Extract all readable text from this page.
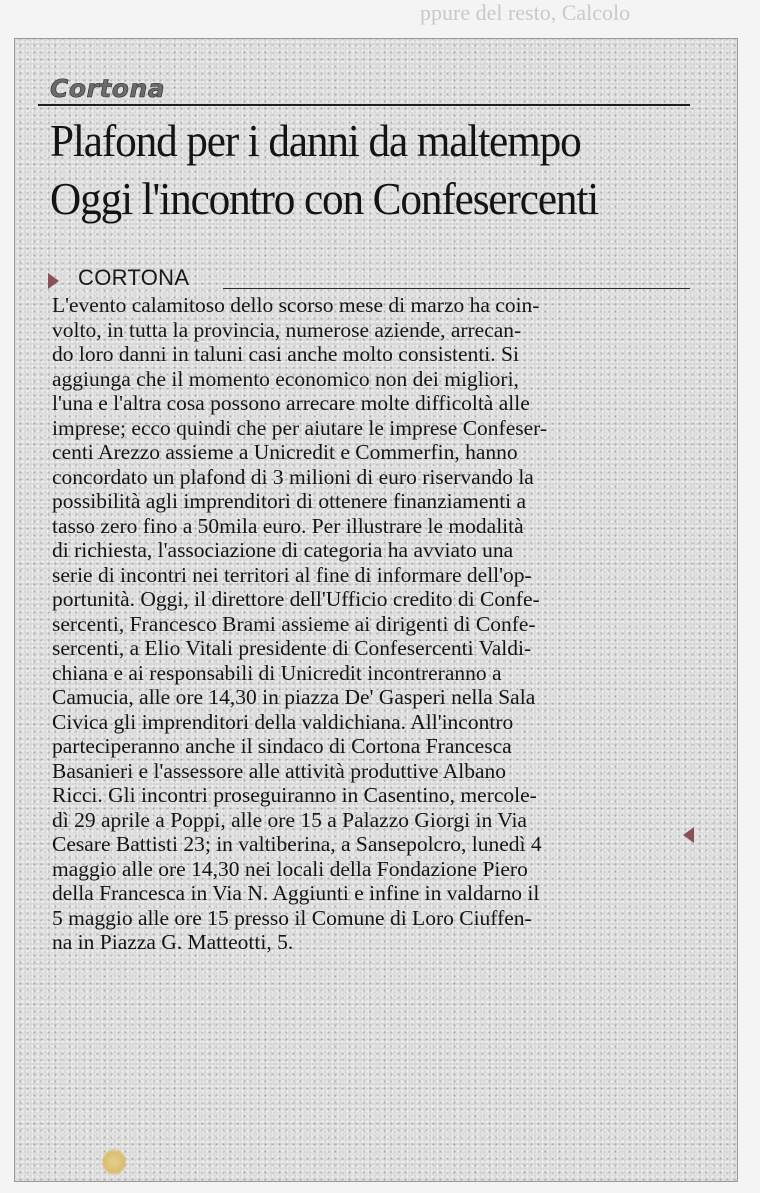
ppure del resto, Calcolo
Cortona
Plafond per i danni da maltempo
Oggi l'incontro con Confesercenti
CORTONA
L'evento calamitoso dello scorso mese di marzo ha coin-
volto, in tutta la provincia, numerose aziende, arrecan-
do loro danni in taluni casi anche molto consistenti. Si
aggiunga che il momento economico non dei migliori,
l'una e l'altra cosa possono arrecare molte difficoltà alle
imprese; ecco quindi che per aiutare le imprese Confeser-
centi Arezzo assieme a Unicredit e Commerfin, hanno
concordato un plafond di 3 milioni di euro riservando la
possibilità agli imprenditori di ottenere finanziamenti a
tasso zero fino a 50mila euro. Per illustrare le modalità
di richiesta, l'associazione di categoria ha avviato una
serie di incontri nei territori al fine di informare dell'op-
portunità. Oggi, il direttore dell'Ufficio credito di Confe-
sercenti, Francesco Brami assieme ai dirigenti di Confe-
sercenti, a Elio Vitali presidente di Confesercenti Valdi-
chiana e ai responsabili di Unicredit incontreranno a
Camucia, alle ore 14,30 in piazza De' Gasperi nella Sala
Civica gli imprenditori della valdichiana. All'incontro
parteciperanno anche il sindaco di Cortona Francesca
Basanieri e l'assessore alle attività produttive Albano
Ricci. Gli incontri proseguiranno in Casentino, mercole-
dì 29 aprile a Poppi, alle ore 15 a Palazzo Giorgi in Via
Cesare Battisti 23; in valtiberina, a Sansepolcro, lunedì 4
maggio alle ore 14,30 nei locali della Fondazione Piero
della Francesca in Via N. Aggiunti e infine in valdarno il
5 maggio alle ore 15 presso il Comune di Loro Ciuffen-
na in Piazza G. Matteotti, 5.
